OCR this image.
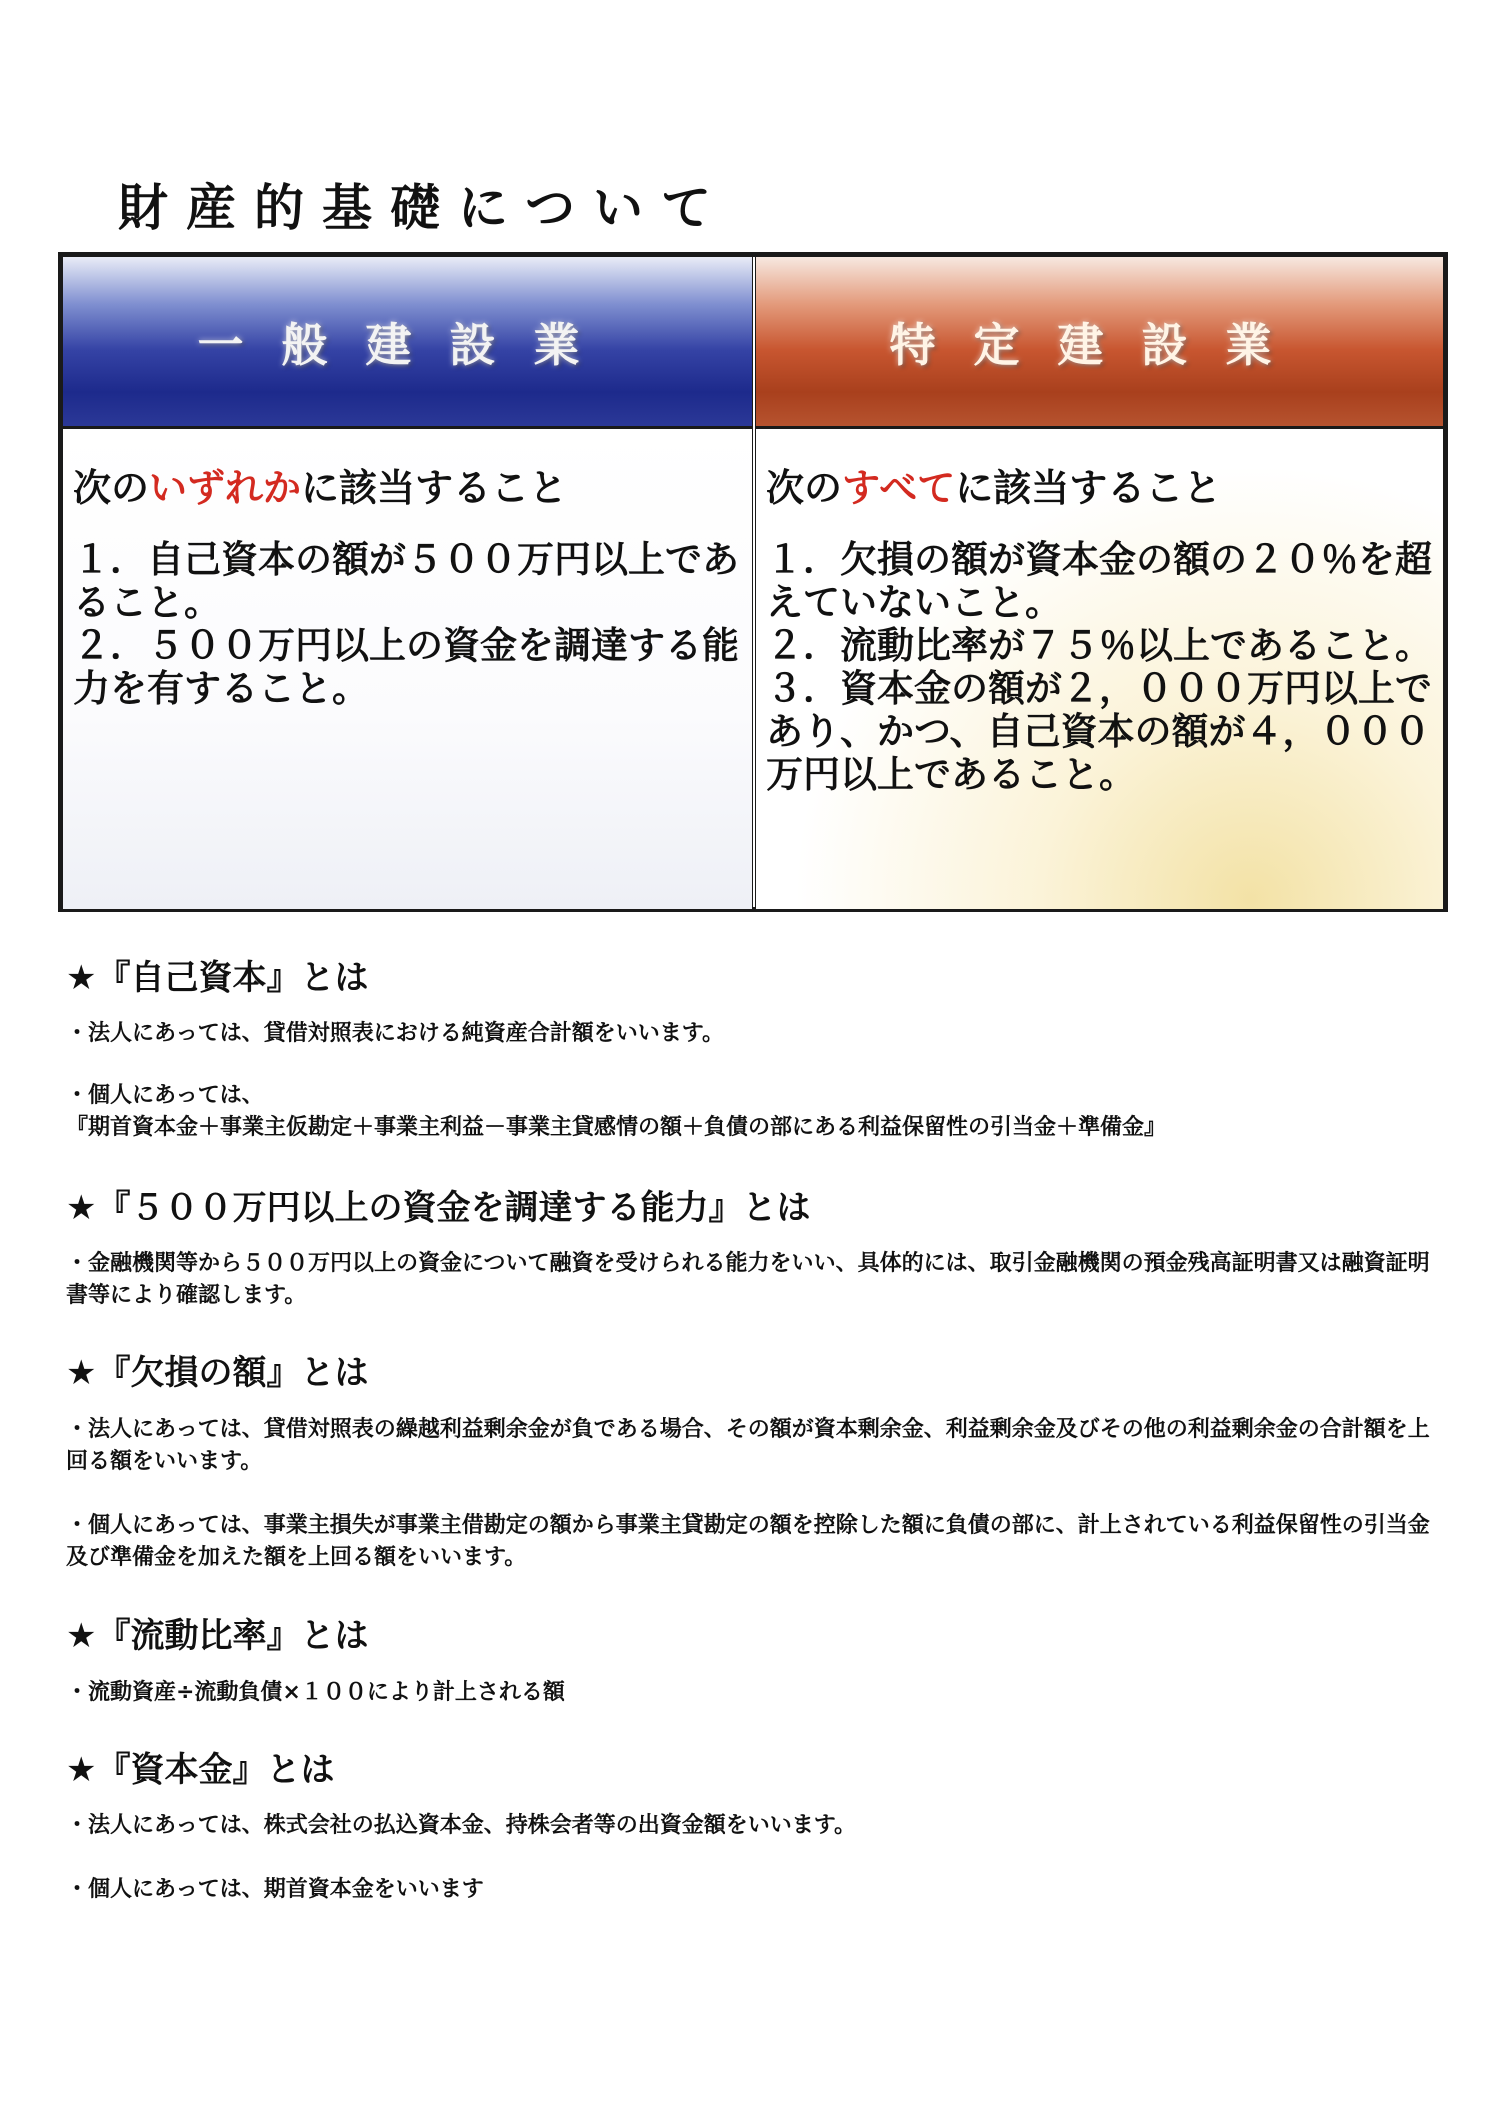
財産的基礎について
一般建設業

次のいずれかに該当すること

１．自己資本の額が５００万円以上であること。

２．５００万円以上の資金を調達する能力を有すること。

特定建設業

次のすべてに該当すること

１．欠損の額が資本金の額の２０％を超えていないこと。

２．流動比率が７５％以上であること。

３．資本金の額が２，０００万円以上であり、かつ、自己資本の額が４，０００万円以上であること。

★『自己資本』とは

・法人にあっては、貸借対照表における純資産合計額をいいます。

・個人にあっては、

『期首資本金＋事業主仮勘定＋事業主利益－事業主貸感情の額＋負債の部にある利益保留性の引当金＋準備金』

★『５００万円以上の資金を調達する能力』とは

・金融機関等から５００万円以上の資金について融資を受けられる能力をいい、具体的には、取引金融機関の預金残高証明書又は融資証明書等により確認します。

★『欠損の額』とは

・法人にあっては、貸借対照表の繰越利益剰余金が負である場合、その額が資本剰余金、利益剰余金及びその他の利益剰余金の合計額を上回る額をいいます。

・個人にあっては、事業主損失が事業主借勘定の額から事業主貸勘定の額を控除した額に負債の部に、計上されている利益保留性の引当金及び準備金を加えた額を上回る額をいいます。

★『流動比率』とは

・流動資産÷流動負債×１００により計上される額

★『資本金』とは

・法人にあっては、株式会社の払込資本金、持株会者等の出資金額をいいます。

・個人にあっては、期首資本金をいいます
